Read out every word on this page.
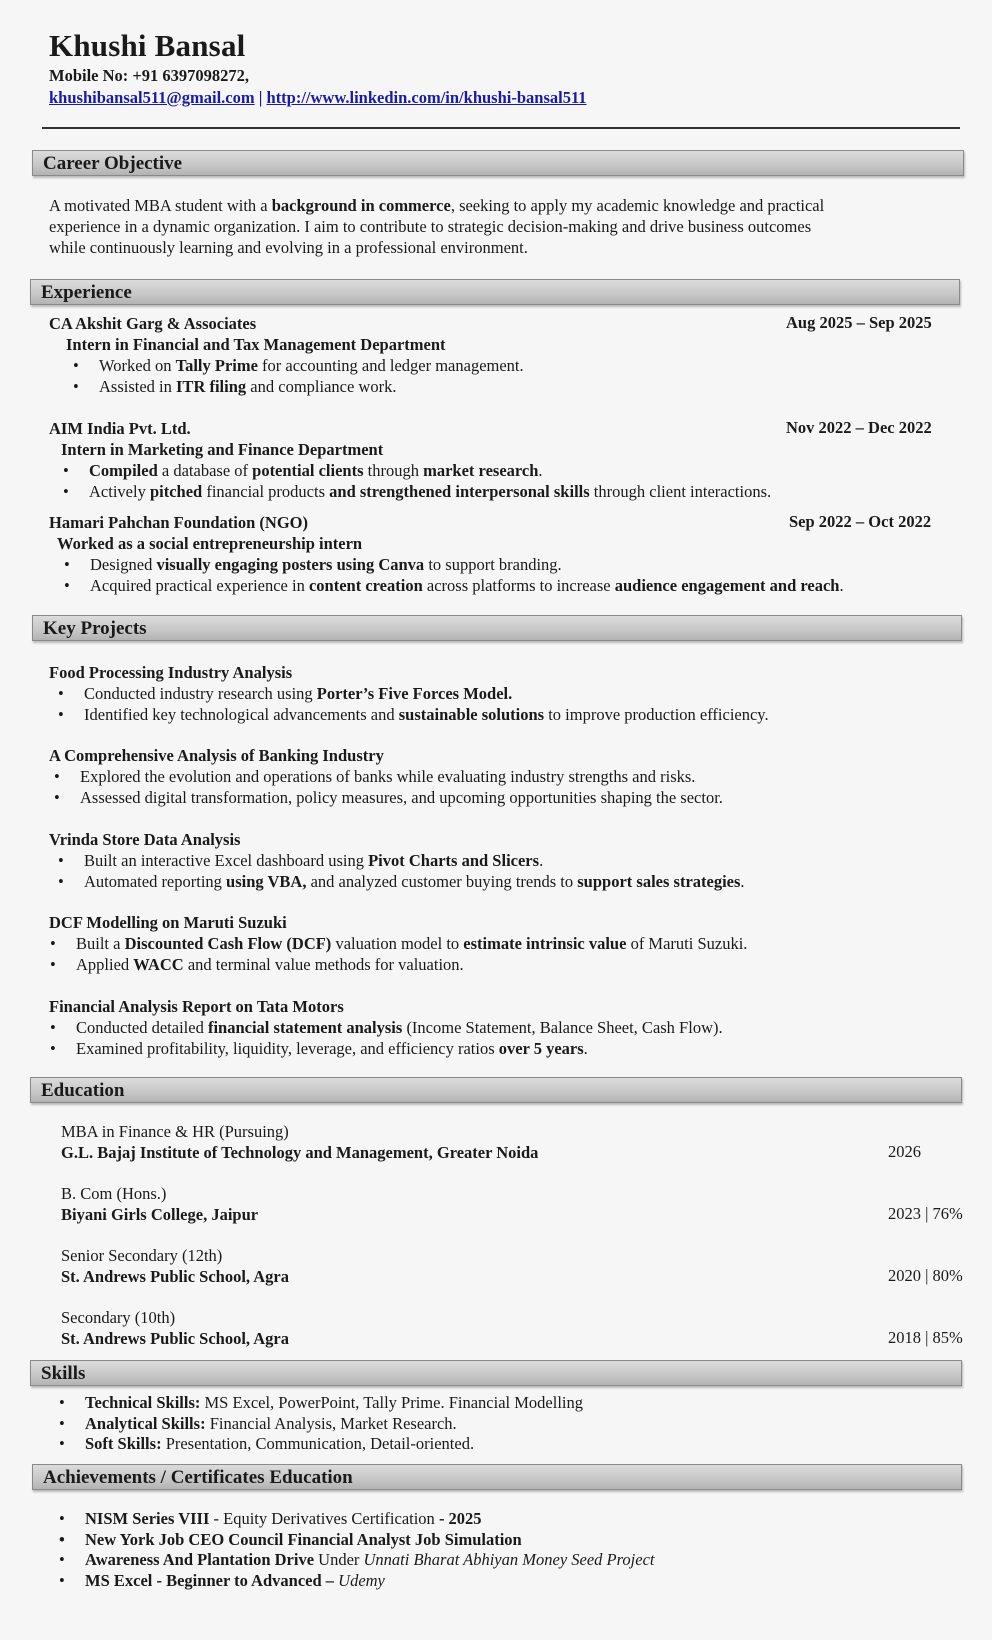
Khushi Bansal
Mobile No: +91 6397098272,
khushibansal511@gmail.com | http://www.linkedin.com/in/khushi-bansal511
Career Objective
A motivated MBA student with a background in commerce, seeking to apply my academic knowledge and practical
experience in a dynamic organization. I aim to contribute to strategic decision-making and drive business outcomes
while continuously learning and evolving in a professional environment.
Experience
CA Akshit Garg & Associates	Aug 2025 – Sep 2025
Intern in Financial and Tax Management Department
• Worked on Tally Prime for accounting and ledger management.
• Assisted in ITR filing and compliance work.
AIM India Pvt. Ltd.	Nov 2022 – Dec 2022
Intern in Marketing and Finance Department
• Compiled a database of potential clients through market research.
• Actively pitched financial products and strengthened interpersonal skills through client interactions.
Hamari Pahchan Foundation (NGO)	Sep 2022 – Oct 2022
Worked as a social entrepreneurship intern
• Designed visually engaging posters using Canva to support branding.
• Acquired practical experience in content creation across platforms to increase audience engagement and reach.
Key Projects
Food Processing Industry Analysis
• Conducted industry research using Porter’s Five Forces Model.
• Identified key technological advancements and sustainable solutions to improve production efficiency.
A Comprehensive Analysis of Banking Industry
• Explored the evolution and operations of banks while evaluating industry strengths and risks.
• Assessed digital transformation, policy measures, and upcoming opportunities shaping the sector.
Vrinda Store Data Analysis
• Built an interactive Excel dashboard using Pivot Charts and Slicers.
• Automated reporting using VBA, and analyzed customer buying trends to support sales strategies.
DCF Modelling on Maruti Suzuki
• Built a Discounted Cash Flow (DCF) valuation model to estimate intrinsic value of Maruti Suzuki.
• Applied WACC and terminal value methods for valuation.
Financial Analysis Report on Tata Motors
• Conducted detailed financial statement analysis (Income Statement, Balance Sheet, Cash Flow).
• Examined profitability, liquidity, leverage, and efficiency ratios over 5 years.
Education
MBA in Finance & HR (Pursuing)
G.L. Bajaj Institute of Technology and Management, Greater Noida	2026
B. Com (Hons.)
Biyani Girls College, Jaipur	2023 | 76%
Senior Secondary (12th)
St. Andrews Public School, Agra	2020 | 80%
Secondary (10th)
St. Andrews Public School, Agra	2018 | 85%
Skills
• Technical Skills: MS Excel, PowerPoint, Tally Prime. Financial Modelling
• Analytical Skills: Financial Analysis, Market Research.
• Soft Skills: Presentation, Communication, Detail-oriented.
Achievements / Certificates Education
• NISM Series VIII - Equity Derivatives Certification - 2025
• New York Job CEO Council Financial Analyst Job Simulation
• Awareness And Plantation Drive Under Unnati Bharat Abhiyan Money Seed Project
• MS Excel - Beginner to Advanced – Udemy
